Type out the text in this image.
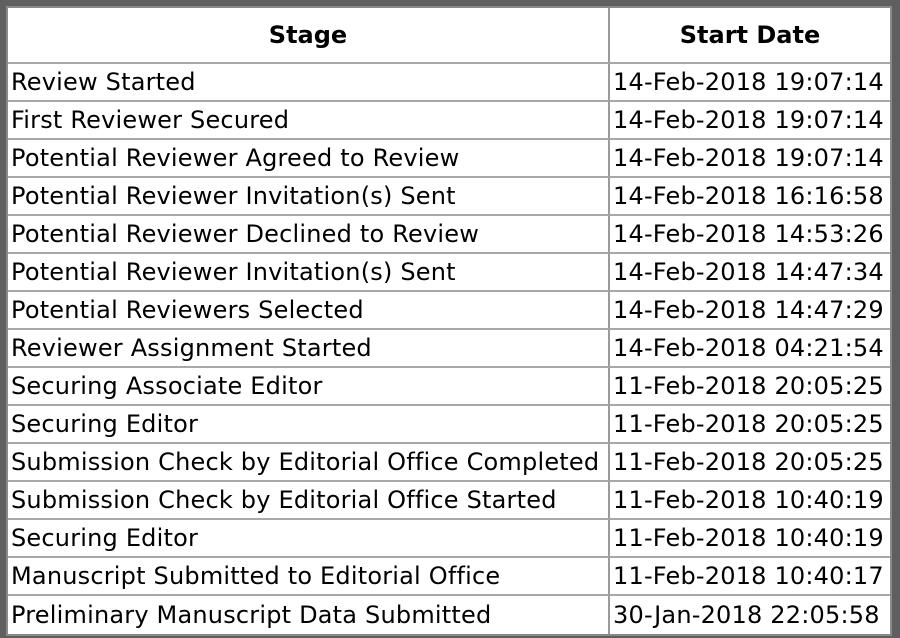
Stage	Start Date
Review Started	14-Feb-2018 19:07:14
First Reviewer Secured	14-Feb-2018 19:07:14
Potential Reviewer Agreed to Review	14-Feb-2018 19:07:14
Potential Reviewer Invitation(s) Sent	14-Feb-2018 16:16:58
Potential Reviewer Declined to Review	14-Feb-2018 14:53:26
Potential Reviewer Invitation(s) Sent	14-Feb-2018 14:47:34
Potential Reviewers Selected	14-Feb-2018 14:47:29
Reviewer Assignment Started	14-Feb-2018 04:21:54
Securing Associate Editor	11-Feb-2018 20:05:25
Securing Editor	11-Feb-2018 20:05:25
Submission Check by Editorial Office Completed	11-Feb-2018 20:05:25
Submission Check by Editorial Office Started	11-Feb-2018 10:40:19
Securing Editor	11-Feb-2018 10:40:19
Manuscript Submitted to Editorial Office	11-Feb-2018 10:40:17
Preliminary Manuscript Data Submitted	30-Jan-2018 22:05:58
